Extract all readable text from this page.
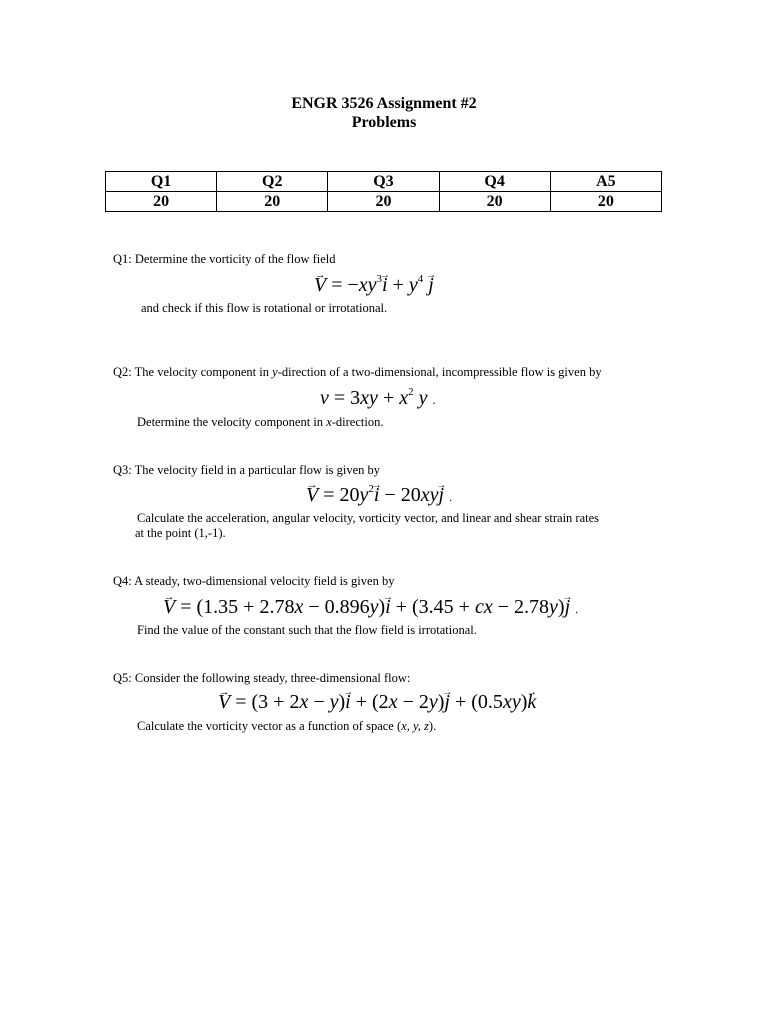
ENGR 3526 Assignment #2
Problems
Q1	Q2	Q3	Q4	A5
20	20	20	20	20
Q1: Determine the vorticity of the flow field
→ $V = -xy^3\to i + y^4 \to j$
and check if this flow is rotational or irrotational.
Q2: The velocity component in y-direction of a two-dimensional, incompressible flow is given by
$v = 3xy + x^2$ y .
Determine the velocity component in x-direction.
Q3: The velocity field in a particular flow is given by
→ $V = 20y^2\to i - 20xy\to j$ .
Calculate the acceleration, angular velocity, vorticity vector, and linear and shear strain rates
at the point (1,-1).
Q4: A steady, two-dimensional velocity field is given by
→ V = (1.35 + 2.78x − 0.896y)→ i + (3.45 + cx − 2.78y)→ j .
Find the value of the constant such that the flow field is irrotational.
Q5: Consider the following steady, three-dimensional flow:
→ V = (3 + 2x − y)→ i + (2x − 2y)→ j + (0.5xy)→ k
Calculate the vorticity vector as a function of space (x, y, z).
